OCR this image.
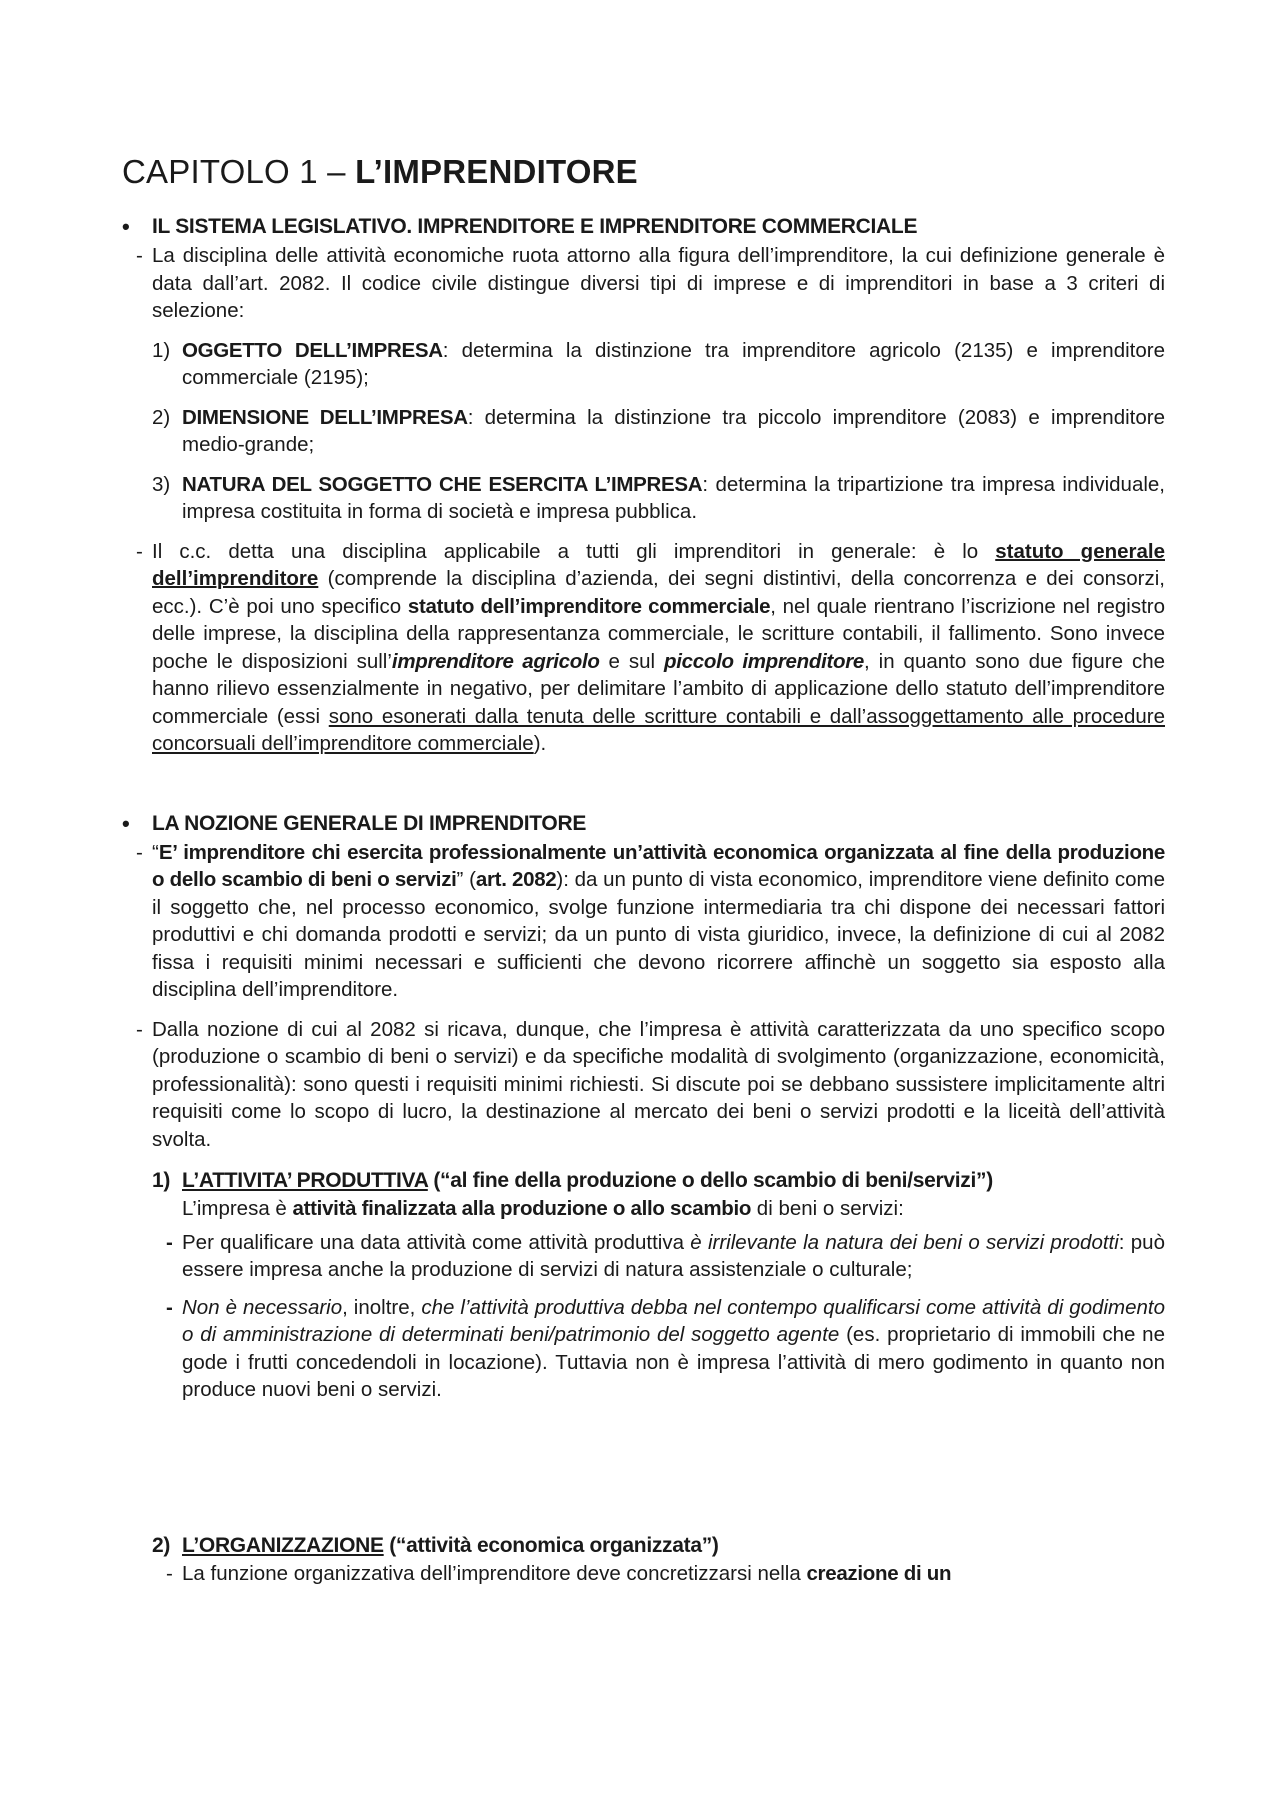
CAPITOLO 1 – L’IMPRENDITORE
• IL SISTEMA LEGISLATIVO. IMPRENDITORE E IMPRENDITORE COMMERCIALE

- La disciplina delle attività economiche ruota attorno alla figura dell’imprenditore, la cui definizione generale è data dall’art. 2082. Il codice civile distingue diversi tipi di imprese e di imprenditori in base a 3 criteri di selezione:

1) OGGETTO DELL’IMPRESA: determina la distinzione tra imprenditore agricolo (2135) e imprenditore commerciale (2195);

2) DIMENSIONE DELL’IMPRESA: determina la distinzione tra piccolo imprenditore (2083) e imprenditore medio-grande;

3) NATURA DEL SOGGETTO CHE ESERCITA L’IMPRESA: determina la tripartizione tra impresa individuale, impresa costituita in forma di società e impresa pubblica.

- Il c.c. detta una disciplina applicabile a tutti gli imprenditori in generale: è lo statuto generale dell’imprenditore (comprende la disciplina d’azienda, dei segni distintivi, della concorrenza e dei consorzi, ecc.). C’è poi uno specifico statuto dell’imprenditore commerciale, nel quale rientrano l’iscrizione nel registro delle imprese, la disciplina della rappresentanza commerciale, le scritture contabili, il fallimento. Sono invece poche le disposizioni sull’imprenditore agricolo e sul piccolo imprenditore, in quanto sono due figure che hanno rilievo essenzialmente in negativo, per delimitare l’ambito di applicazione dello statuto dell’imprenditore commerciale (essi sono esonerati dalla tenuta delle scritture contabili e dall’assoggettamento alle procedure concorsuali dell’imprenditore commerciale).

• LA NOZIONE GENERALE DI IMPRENDITORE

- “E’ imprenditore chi esercita professionalmente un’attività economica organizzata al fine della produzione o dello scambio di beni o servizi” (art. 2082): da un punto di vista economico, imprenditore viene definito come il soggetto che, nel processo economico, svolge funzione intermediaria tra chi dispone dei necessari fattori produttivi e chi domanda prodotti e servizi; da un punto di vista giuridico, invece, la definizione di cui al 2082 fissa i requisiti minimi necessari e sufficienti che devono ricorrere affinchè un soggetto sia esposto alla disciplina dell’imprenditore.

- Dalla nozione di cui al 2082 si ricava, dunque, che l’impresa è attività caratterizzata da uno specifico scopo (produzione o scambio di beni o servizi) e da specifiche modalità di svolgimento (organizzazione, economicità, professionalità): sono questi i requisiti minimi richiesti. Si discute poi se debbano sussistere implicitamente altri requisiti come lo scopo di lucro, la destinazione al mercato dei beni o servizi prodotti e la liceità dell’attività svolta.

1) L’ATTIVITA’ PRODUTTIVA (“al fine della produzione o dello scambio di beni/servizi”)

L’impresa è attività finalizzata alla produzione o allo scambio di beni o servizi:

- Per qualificare una data attività come attività produttiva è irrilevante la natura dei beni o servizi prodotti: può essere impresa anche la produzione di servizi di natura assistenziale o culturale;

- Non è necessario, inoltre, che l’attività produttiva debba nel contempo qualificarsi come attività di godimento o di amministrazione di determinati beni/patrimonio del soggetto agente (es. proprietario di immobili che ne gode i frutti concedendoli in locazione). Tuttavia non è impresa l’attività di mero godimento in quanto non produce nuovi beni o servizi.

2) L’ORGANIZZAZIONE (“attività economica organizzata”)

- La funzione organizzativa dell’imprenditore deve concretizzarsi nella creazione di un
